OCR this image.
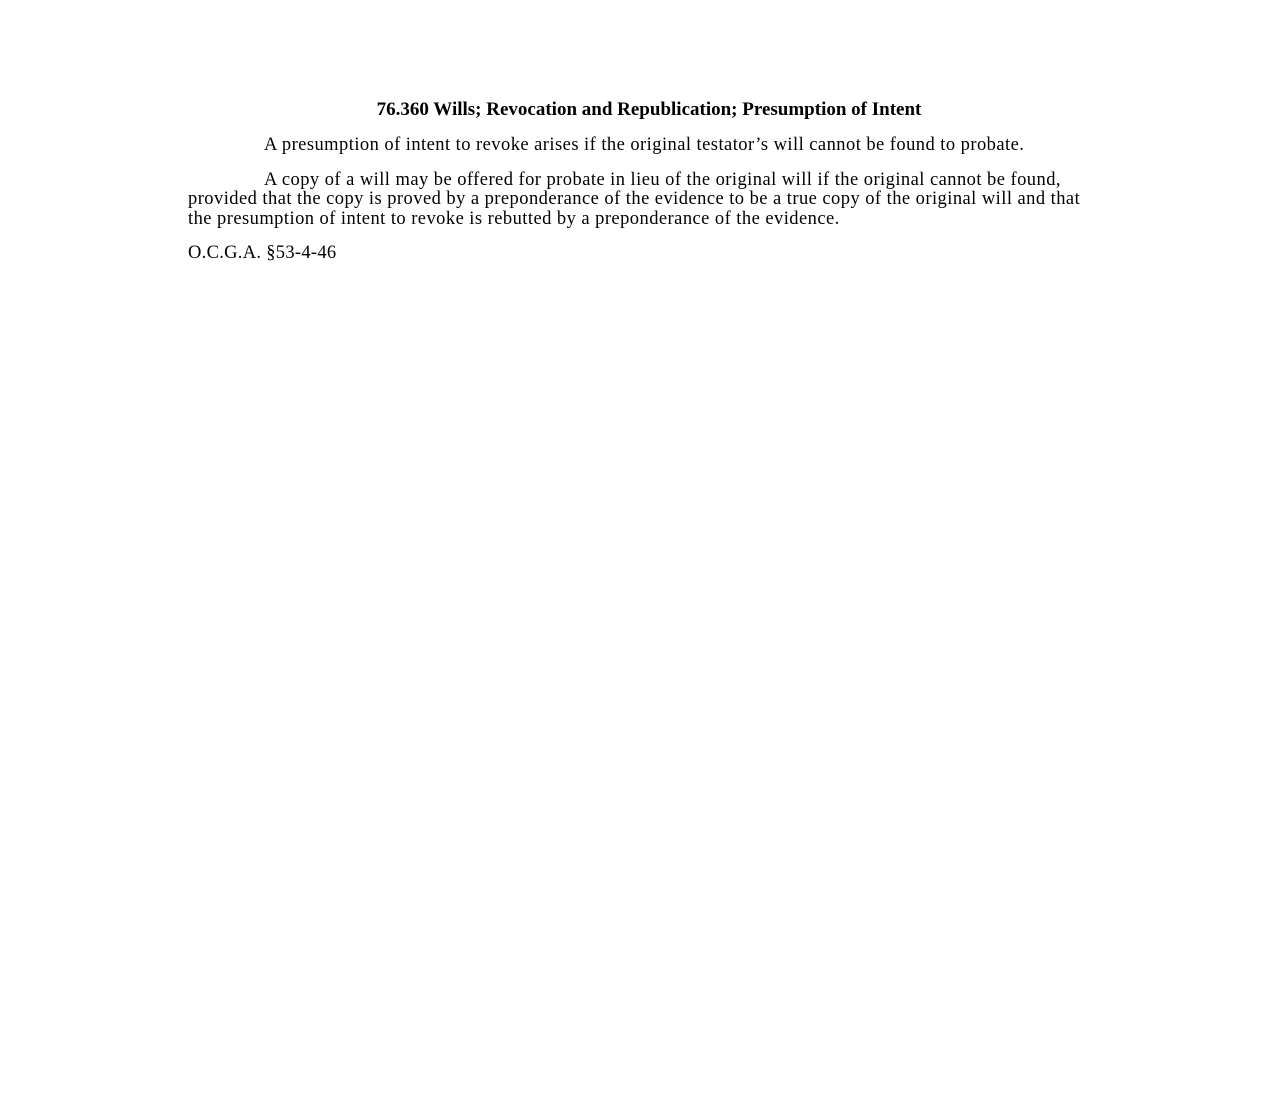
76.360 Wills; Revocation and Republication; Presumption of Intent

A presumption of intent to revoke arises if the original testator’s will cannot be found to probate.

A copy of a will may be offered for probate in lieu of the original will if the original cannot be found, provided that the copy is proved by a preponderance of the evidence to be a true copy of the original will and that the presumption of intent to revoke is rebutted by a preponderance of the evidence.

O.C.G.A. §53-4-46
